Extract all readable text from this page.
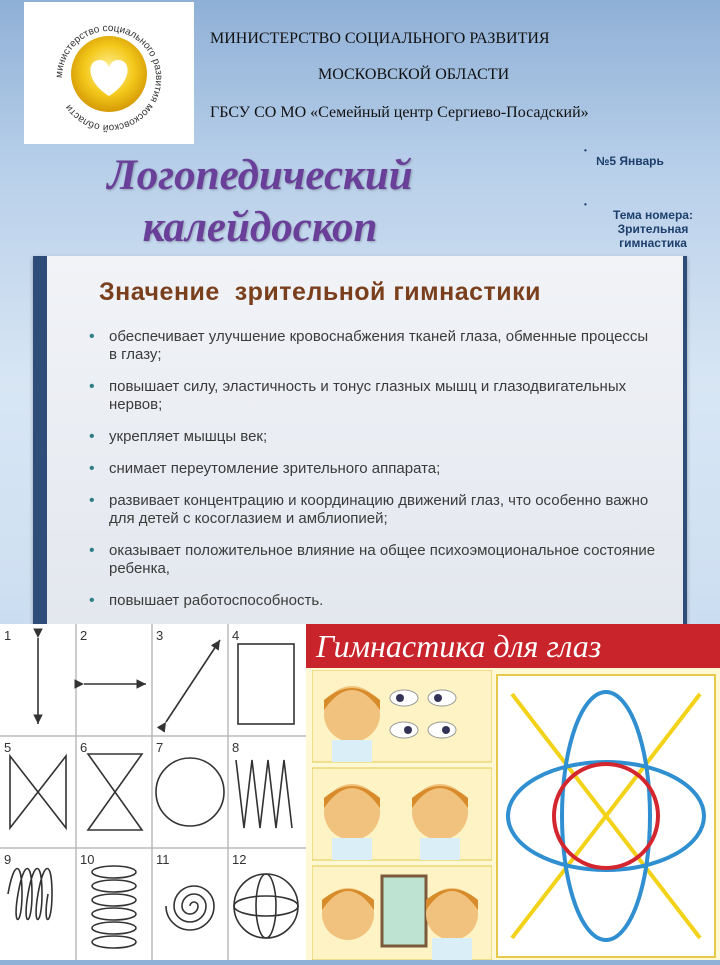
министерство социального развития московской области
МИНИСТЕРСТВО СОЦИАЛЬНОГО РАЗВИТИЯ
МОСКОВСКОЙ ОБЛАСТИ
ГБСУ СО МО «Семейный центр Сергиево-Посадский»
Логопедический
калейдоскоп
•
№5 Январь
•
Тема номера:
Зрительная гимнастика
Значение  зрительной гимнастики
• обеспечивает улучшение кровоснабжения тканей глаза, обменные процессы в глазу;
• повышает силу, эластичность и тонус глазных мышц и глазодвигательных нервов;
• укрепляет мышцы век;
• снимает переутомление зрительного аппарата;
• развивает концентрацию и координацию движений глаз, что особенно важно для детей с косоглазием и амблиопией;
• оказывает положительное влияние на общее психоэмоциональное состояние ребенка,
• повышает работоспособность.
1	2	3	4
5	6	7	8
9	10	11	12
Гимнастика для глаз
